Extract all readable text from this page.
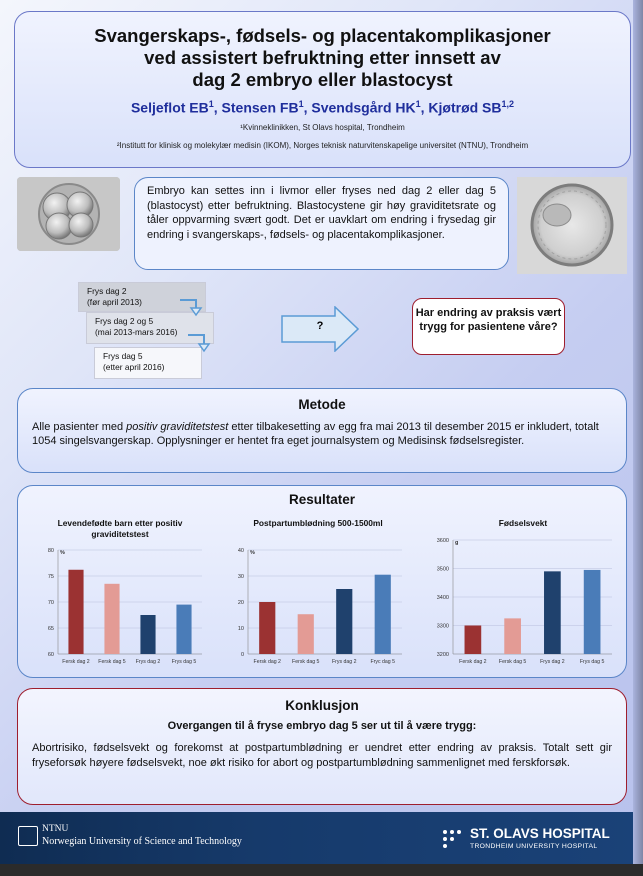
Svangerskaps-, fødsels- og placentakomplikasjoner
ved assistert befruktning etter innsett av
dag 2 embryo eller blastocyst
Seljeflot $EB^1$, Stensen $FB^1$, Svendsgård $HK^1$, Kjøtrød SB$^{1,2}$
¹Kvinneklinikken, St Olavs hospital, Trondheim
²Institutt for klinisk og molekylær medisin (IKOM), Norges teknisk naturvitenskapelige universitet (NTNU), Trondheim
Embryo kan settes inn i livmor eller fryses ned dag 2 eller dag 5 (blastocyst) etter befruktning. Blastocystene gir høy graviditetsrate og tåler oppvarming svært godt. Det er uavklart om endring i frysedag gir endring i svangerskaps-, fødsels- og placentakomplikasjoner.
Frys dag 2
(før april 2013)
Frys dag 2 og 5
(mai 2013-mars 2016)
Frys dag 5
(etter april 2016)
?
Har endring av praksis vært trygg for pasientene våre?
Metode
Alle pasienter med positiv graviditetstest etter tilbakesetting av egg fra mai 2013 til desember 2015 er inkludert, totalt 1054 singelsvangerskap. Opplysninger er hentet fra eget journalsystem og Medisinsk fødselsregister.
Resultater
Levendefødte barn etter positiv graviditetstest
%
60
65
70
75
80
Fersk dag 2 Fersk dag 5 Frys dag 2 Frys dag 5
Postpartumblødning 500-1500ml
%
0
10
20
30
40
Fersk dag 2 Fersk dag 5 Frys dag 2	Fryc dag 5
Fødselsvekt
g
3200
3300
3400
3500
3600
Fersk dag 2 Fersk dag 5	Frys dag 2	Frys dag 5
Konklusjon
Overgangen til å fryse embryo dag 5 ser ut til å være trygg:
Abortrisiko, fødselsvekt og forekomst at postpartumblødning er uendret etter endring av praksis. Totalt sett gir fryseforsøk høyere fødselsvekt, noe økt risiko for abort og postpartumblødning sammenlignet med ferskforsøk.
NTNU
Norwegian University of Science and Technology
ST. OLAVS HOSPITAL
TRONDHEIM UNIVERSITY HOSPITAL
